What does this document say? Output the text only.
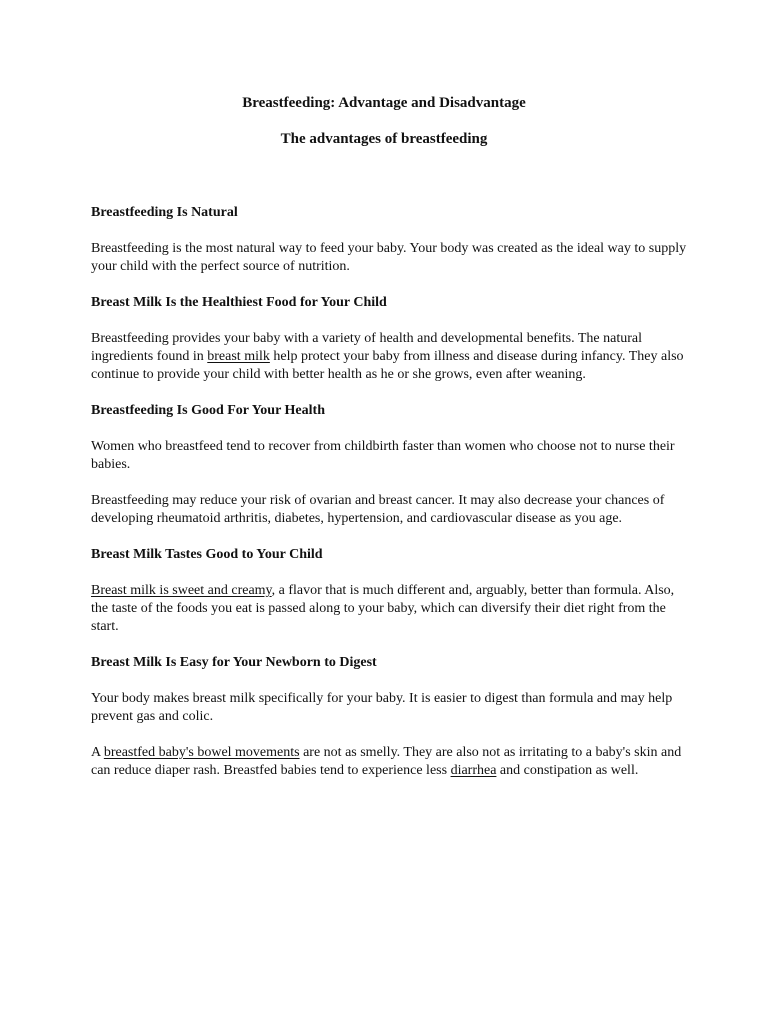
Breastfeeding: Advantage and Disadvantage

The advantages of breastfeeding

Breastfeeding Is Natural

Breastfeeding is the most natural way to feed your baby. Your body was created as the ideal way to supply your child with the perfect source of nutrition.

Breast Milk Is the Healthiest Food for Your Child

Breastfeeding provides your baby with a variety of health and developmental benefits. The natural ingredients found in breast milk help protect your baby from illness and disease during infancy. They also continue to provide your child with better health as he or she grows, even after weaning.

Breastfeeding Is Good For Your Health

Women who breastfeed tend to recover from childbirth faster than women who choose not to nurse their babies.

Breastfeeding may reduce your risk of ovarian and breast cancer. It may also decrease your chances of developing rheumatoid arthritis, diabetes, hypertension, and cardiovascular disease as you age.

Breast Milk Tastes Good to Your Child

Breast milk is sweet and creamy, a flavor that is much different and, arguably, better than formula. Also, the taste of the foods you eat is passed along to your baby, which can diversify their diet right from the start.

Breast Milk Is Easy for Your Newborn to Digest

Your body makes breast milk specifically for your baby. It is easier to digest than formula and may help prevent gas and colic.

A breastfed baby's bowel movements are not as smelly. They are also not as irritating to a baby's skin and can reduce diaper rash. Breastfed babies tend to experience less diarrhea and constipation as well.
